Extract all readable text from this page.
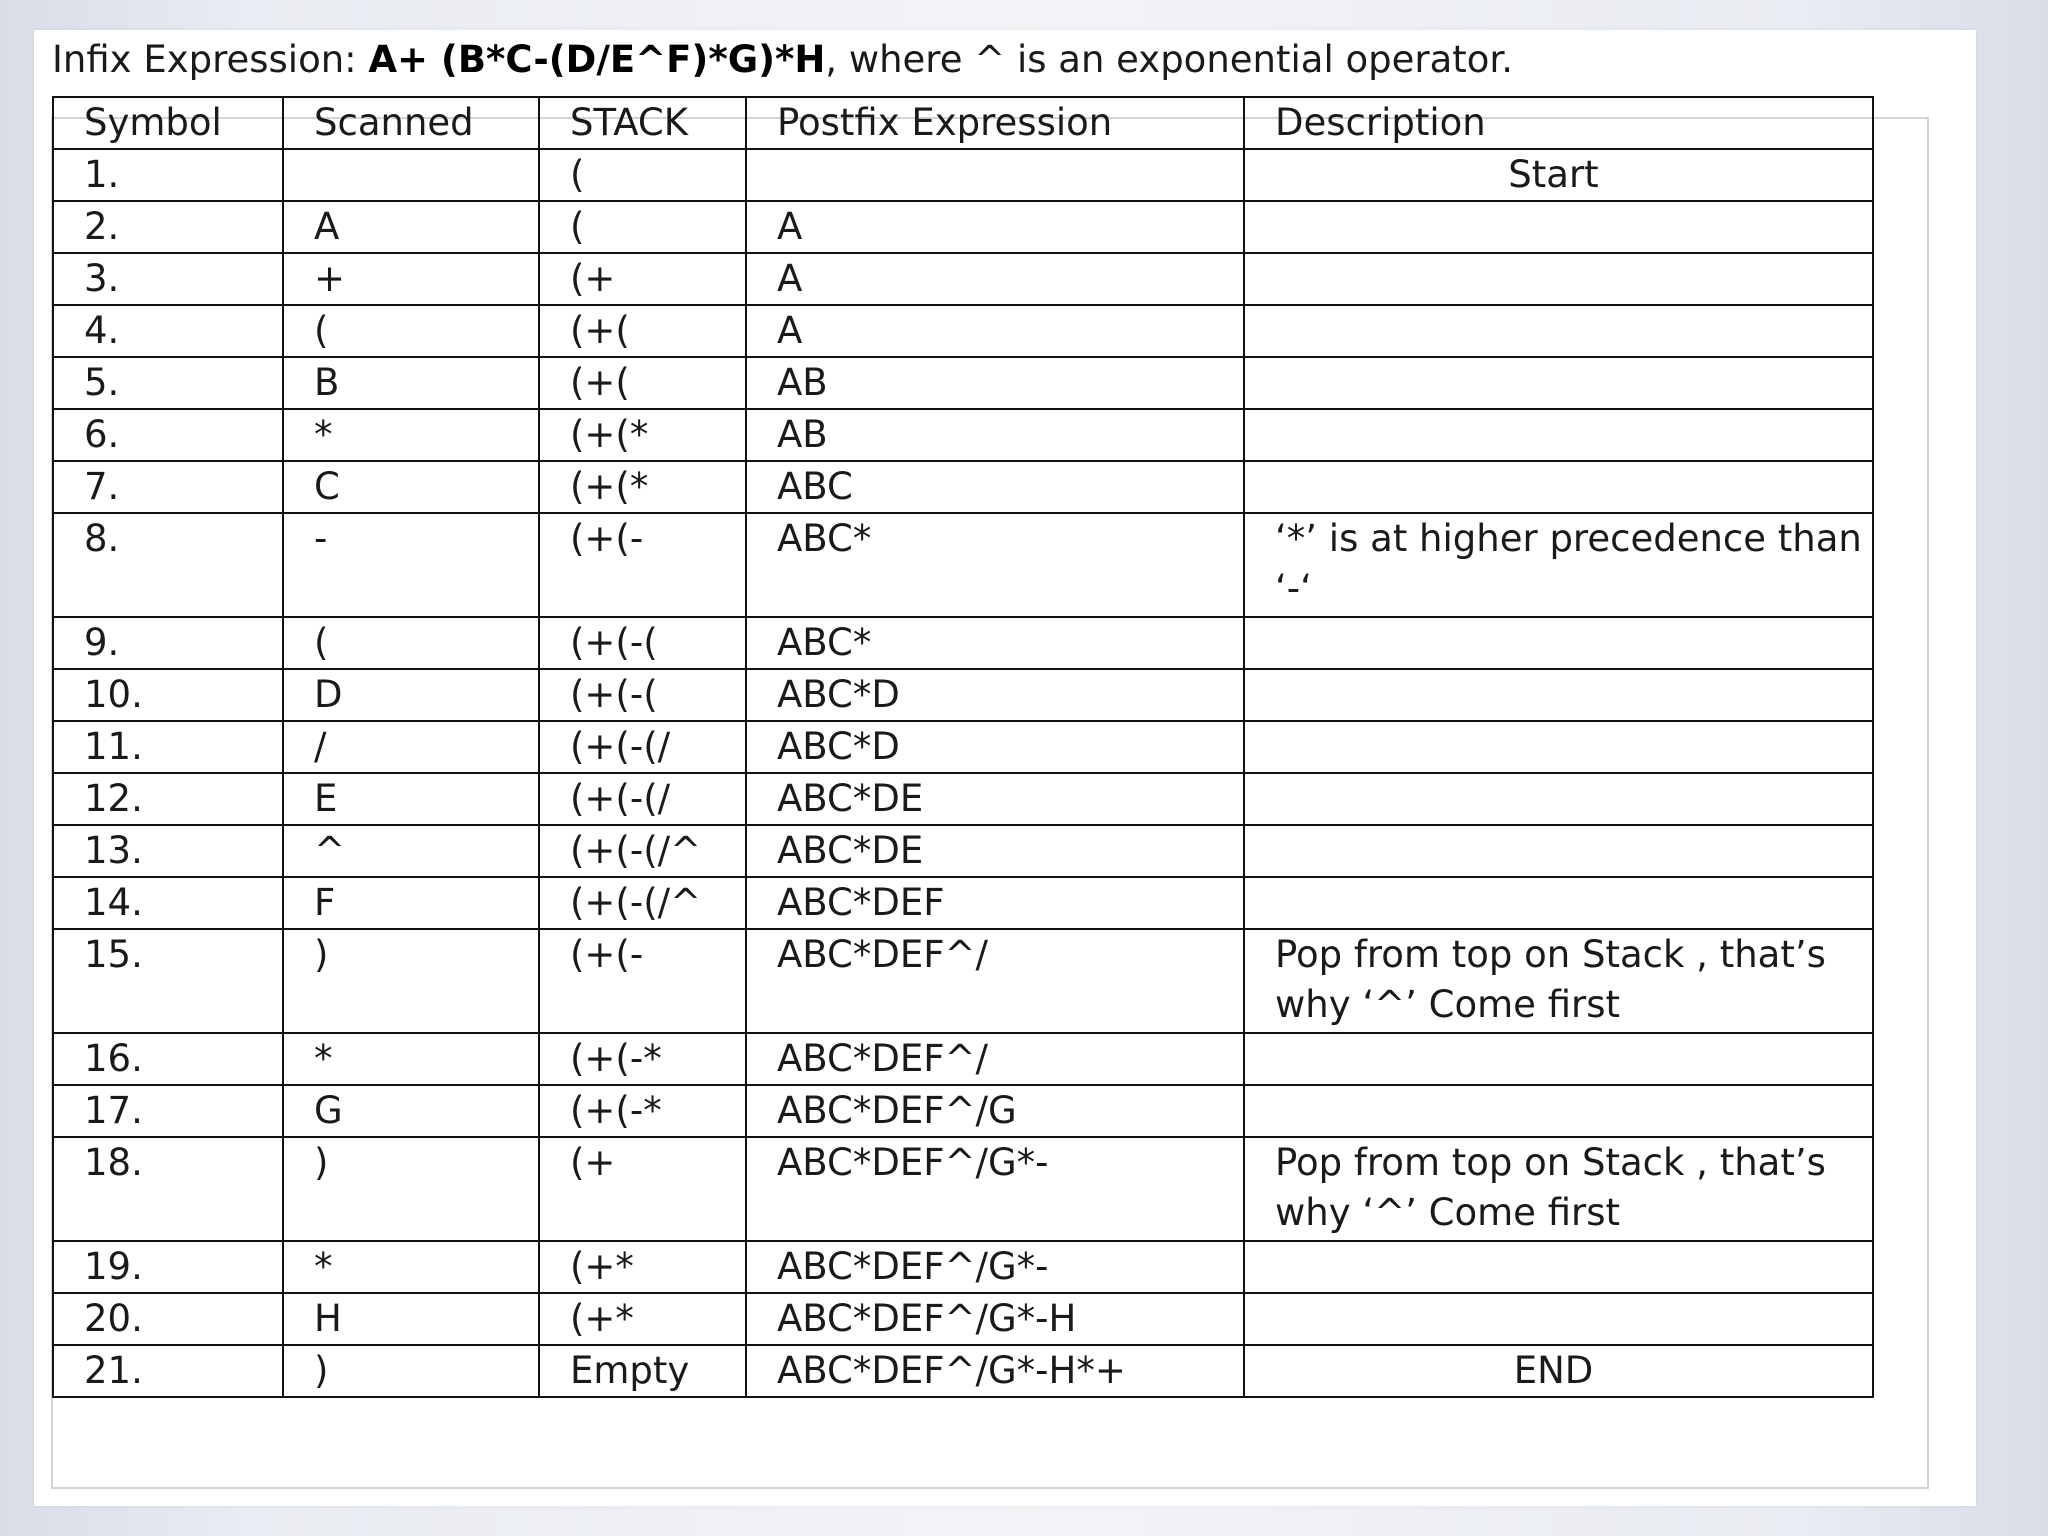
Infix Expression: A+ (B*C-(D/E^F)*G)*H, where ^ is an exponential operator.
Symbol	Scanned	STACK	Postfix Expression	Description
1.		(		Start
2.	A	(	A	
3.	+	(+	A	
4.	(	(+(	A	
5.	B	(+(	AB	
6.	*	(+(*	AB	
7.	C	(+(*	ABC	
8.	-	(+(-	ABC*	‘*’ is at higher precedence than ‘-‘
9.	(	(+(-(	ABC*	
10.	D	(+(-(	ABC*D	
11.	/	(+(-(/	ABC*D	
12.	E	(+(-(/	ABC*DE	
13.	^	(+(-(/^	ABC*DE	
14.	F	(+(-(/^	ABC*DEF	
15.	)	(+(-	ABC*DEF^/	Pop from top on Stack , that’s why ‘^’ Come first
16.	*	(+(-*	ABC*DEF^/	
17.	G	(+(-*	ABC*DEF^/G	
18.	)	(+	ABC*DEF^/G*-	Pop from top on Stack , that’s why ‘^’ Come first
19.	*	(+*	ABC*DEF^/G*-	
20.	H	(+*	ABC*DEF^/G*-H	
21.	)	Empty	ABC*DEF^/G*-H*+	END
